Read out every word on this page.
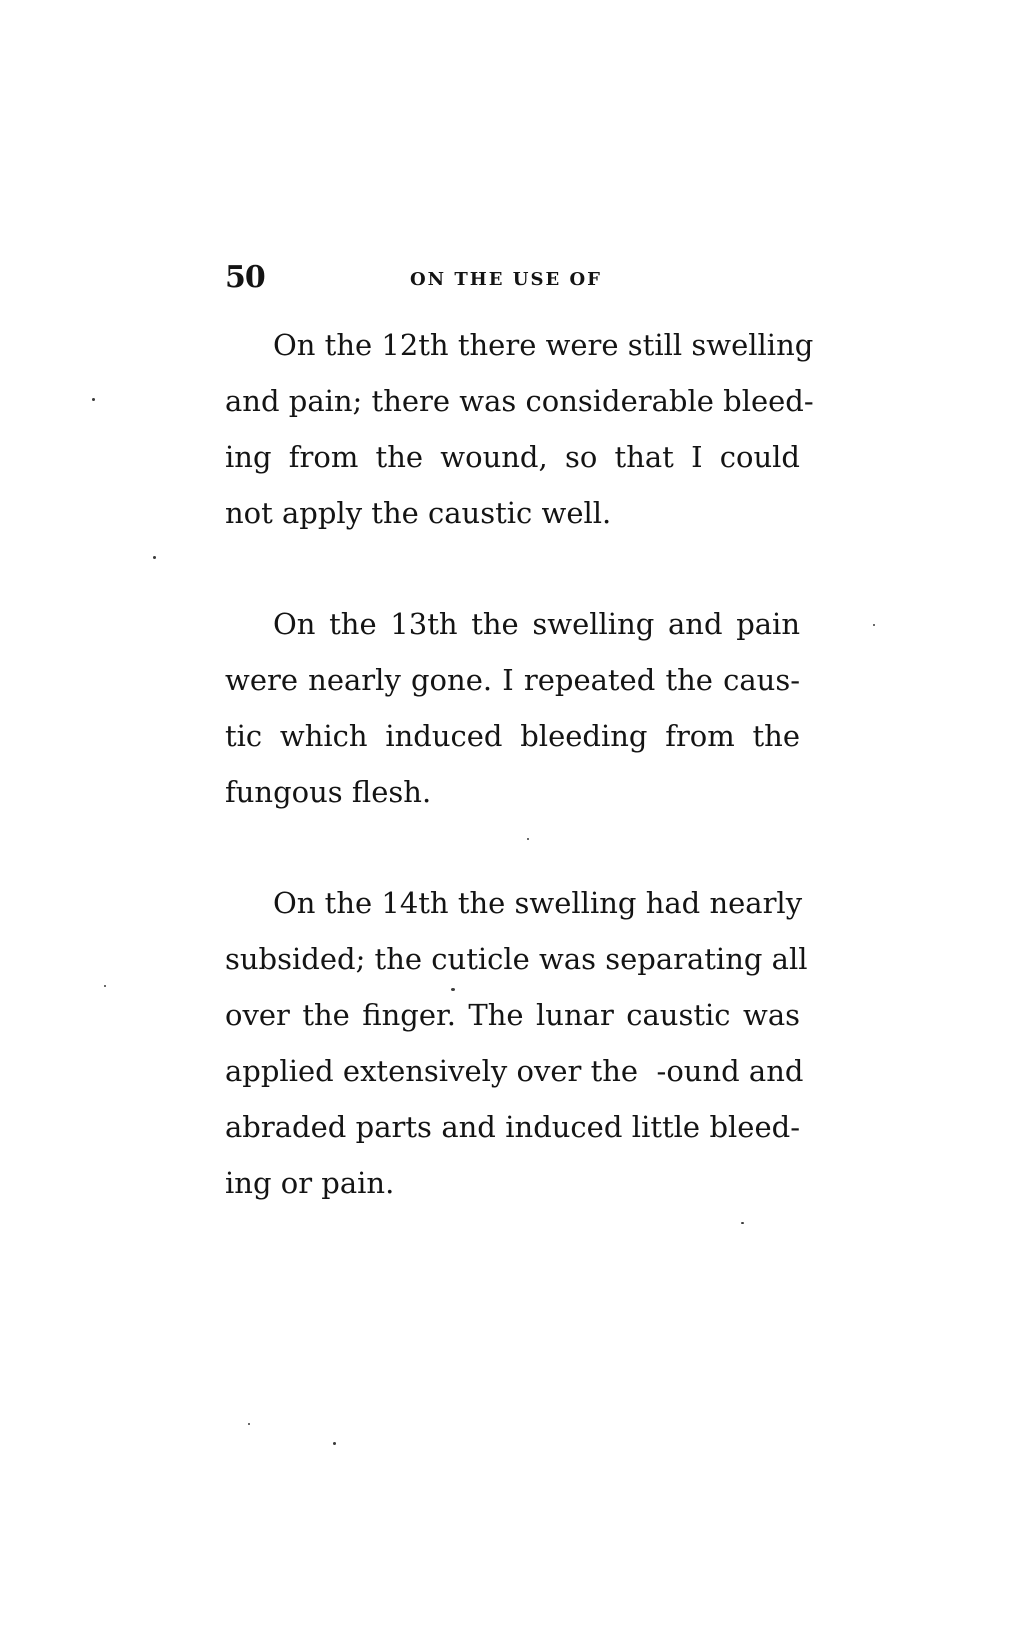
50	ON THE USE OF
On the 12th there were still swelling
and pain; there was considerable bleed-
ing from the wound, so that I could
not apply the caustic well.
On the 13th the swelling and pain
were nearly gone. I repeated the caus-
tic which induced bleeding from the
fungous flesh.
On the 14th the swelling had nearly
subsided; the cuticle was separating all
over the finger. The lunar caustic was
applied extensively over the  -ound and
abraded parts and induced little bleed-
ing or pain.
